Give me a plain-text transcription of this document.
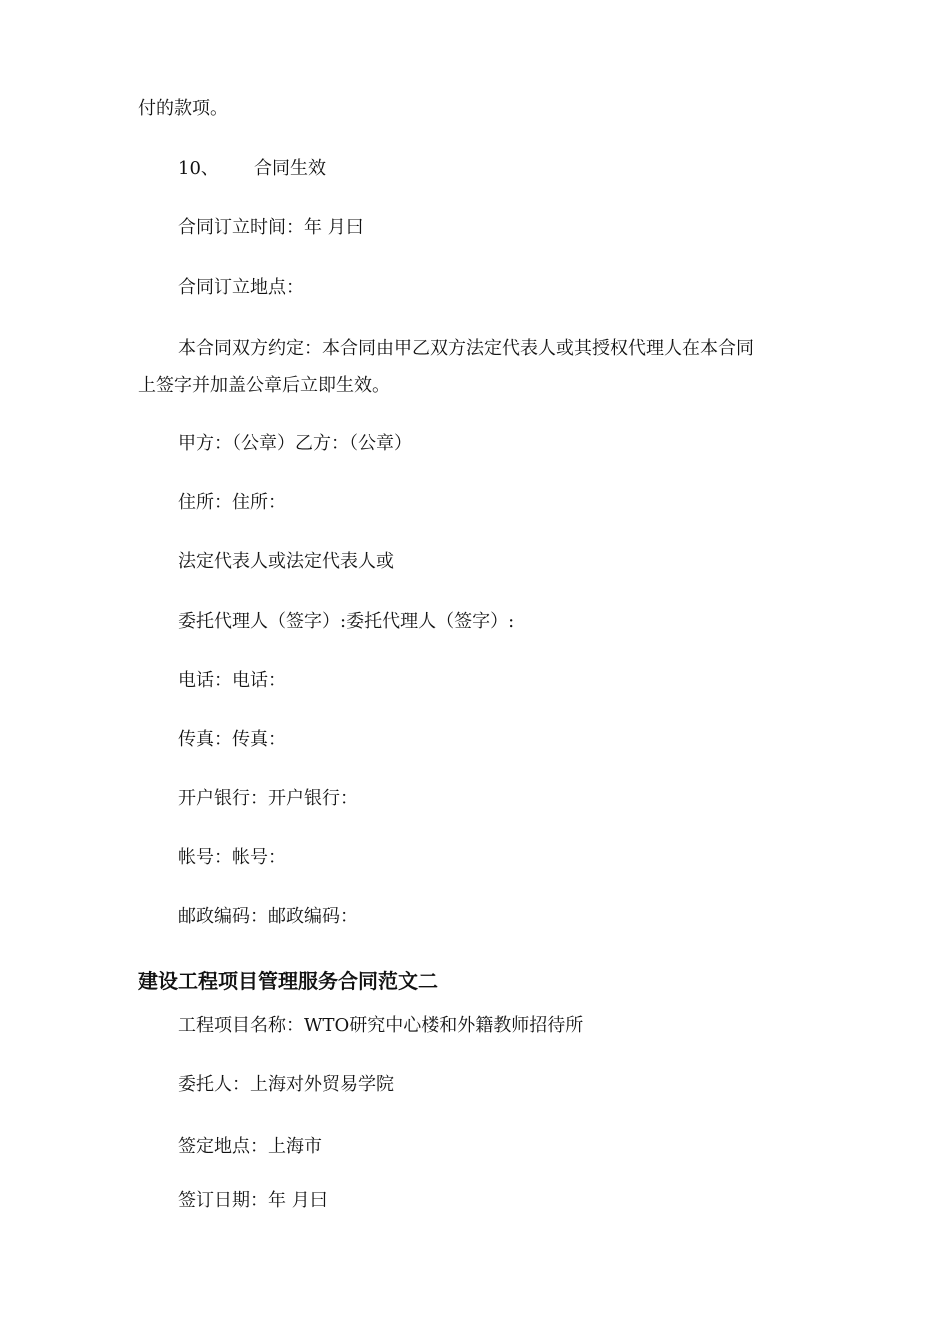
付的款项。
10、 合同生效
合同订立时间：年 月曰
合同订立地点：
本合同双方约定：本合同由甲乙双方法定代表人或其授权代理人在本合同
上签字并加盖公章后立即生效。
甲方：（公章）乙方：（公章）
住所：住所：
法定代表人或法定代表人或
委托代理人（签字）:委托代理人（签字）:
电话：电话：
传真：传真：
开户银行：开户银行：
帐号：帐号：
邮政编码：邮政编码：
建设工程项目管理服务合同范文二
工程项目名称：WTO研究中心楼和外籍教师招待所
委托人：上海对外贸易学院
签定地点：上海市
签订日期：年 月曰
